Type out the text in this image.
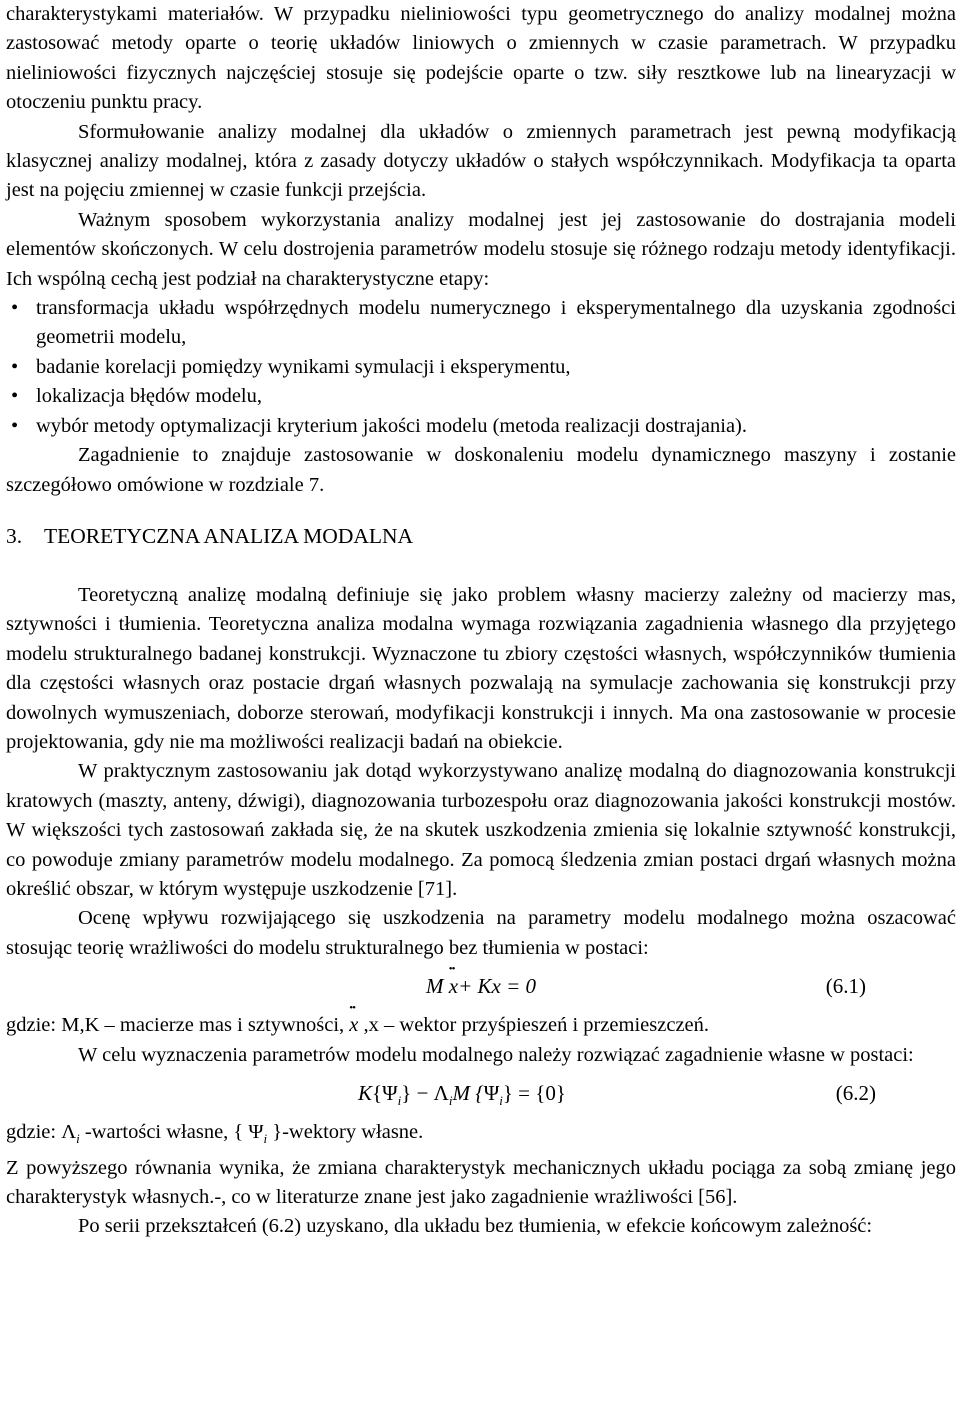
charakterystykami materiałów. W przypadku nieliniowości typu geometrycznego do analizy modalnej można zastosować metody oparte o teorię układów liniowych o zmiennych w czasie parametrach. W przypadku nieliniowości fizycznych najczęściej stosuje się podejście oparte o tzw. siły resztkowe lub na linearyzacji w otoczeniu punktu pracy.

Sformułowanie analizy modalnej dla układów o zmiennych parametrach jest pewną modyfikacją klasycznej analizy modalnej, która z zasady dotyczy układów o stałych współczynnikach. Modyfikacja ta oparta jest na pojęciu zmiennej w czasie funkcji przejścia.

Ważnym sposobem wykorzystania analizy modalnej jest jej zastosowanie do dostrajania modeli elementów skończonych. W celu dostrojenia parametrów modelu stosuje się różnego rodzaju metody identyfikacji. Ich wspólną cechą jest podział na charakterystyczne etapy:

• transformacja układu współrzędnych modelu numerycznego i eksperymentalnego dla uzyskania zgodności geometrii modelu,
• badanie korelacji pomiędzy wynikami symulacji i eksperymentu,
• lokalizacja błędów modelu,
• wybór metody optymalizacji kryterium jakości modelu (metoda realizacji dostrajania).

Zagadnienie to znajduje zastosowanie w doskonaleniu modelu dynamicznego maszyny i zostanie szczegółowo omówione w rozdziale 7.

3. TEORETYCZNA ANALIZA MODALNA

Teoretyczną analizę modalną definiuje się jako problem własny macierzy zależny od macierzy mas, sztywności i tłumienia. Teoretyczna analiza modalna wymaga rozwiązania zagadnienia własnego dla przyjętego modelu strukturalnego badanej konstrukcji. Wyznaczone tu zbiory częstości własnych, współczynników tłumienia dla częstości własnych oraz postacie drgań własnych pozwalają na symulacje zachowania się konstrukcji przy dowolnych wymuszeniach, doborze sterowań, modyfikacji konstrukcji i innych. Ma ona zastosowanie w procesie projektowania, gdy nie ma możliwości realizacji badań na obiekcie.

W praktycznym zastosowaniu jak dotąd wykorzystywano analizę modalną do diagnozowania konstrukcji kratowych (maszty, anteny, dźwigi), diagnozowania turbozespołu oraz diagnozowania jakości konstrukcji mostów. W większości tych zastosowań zakłada się, że na skutek uszkodzenia zmienia się lokalnie sztywność konstrukcji, co powoduje zmiany parametrów modelu modalnego. Za pomocą śledzenia zmian postaci drgań własnych można określić obszar, w którym występuje uszkodzenie [71].

Ocenę wpływu rozwijającego się uszkodzenia na parametry modelu modalnego można oszacować stosując teorię wrażliwości do modelu strukturalnego bez tłumienia w postaci:

M •• x+ Kx = 0	(6.1)

gdzie: M,K – macierze mas i sztywności, •• x ,x – wektor przyśpieszeń i przemieszczeń.

W celu wyznaczenia parametrów modelu modalnego należy rozwiązać zagadnienie własne w postaci:

$K\{\Psi_i\} - \Lambda_iM$ $\{\Psi_i\} = \{0\}$	(6.2)

gdzie: $\Lambda_i$ -wartości własne, { $\Psi_i$ }-wektory własne.

Z powyższego równania wynika, że zmiana charakterystyk mechanicznych układu pociąga za sobą zmianę jego charakterystyk własnych.-, co w literaturze znane jest jako zagadnienie wrażliwości [56].

Po serii przekształceń (6.2) uzyskano, dla układu bez tłumienia, w efekcie końcowym zależność:
